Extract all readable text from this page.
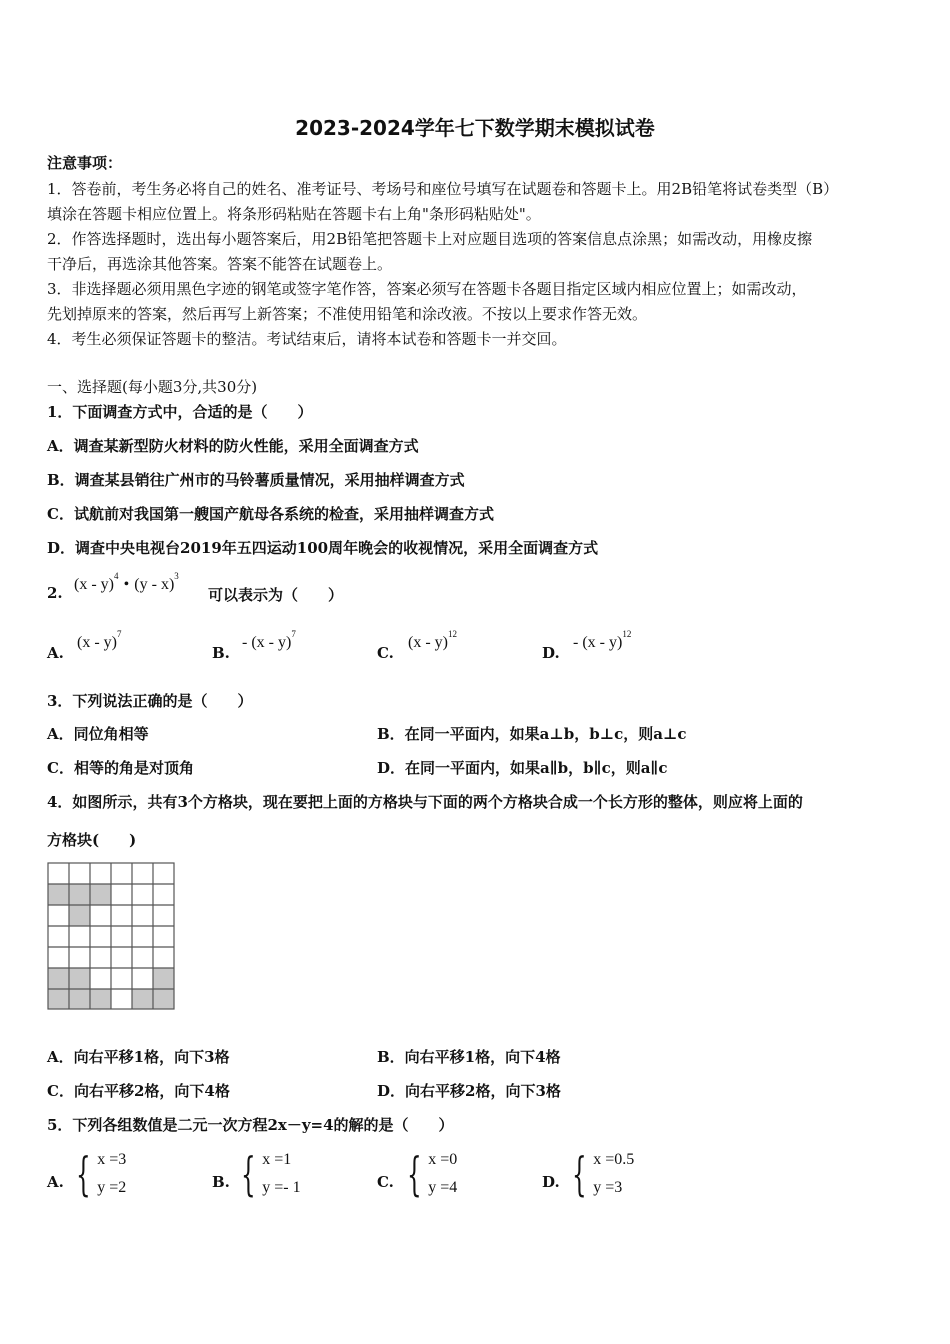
2023-2024学年七下数学期末模拟试卷
注意事项：
1．答卷前，考生务必将自己的姓名、准考证号、考场号和座位号填写在试题卷和答题卡上。用2B铅笔将试卷类型（B）
填涂在答题卡相应位置上。将条形码粘贴在答题卡右上角"条形码粘贴处"。
2．作答选择题时，选出每小题答案后，用2B铅笔把答题卡上对应题目选项的答案信息点涂黑；如需改动，用橡皮擦
干净后，再选涂其他答案。答案不能答在试题卷上。
3．非选择题必须用黑色字迹的钢笔或签字笔作答，答案必须写在答题卡各题目指定区域内相应位置上；如需改动，
先划掉原来的答案，然后再写上新答案；不准使用铅笔和涂改液。不按以上要求作答无效。
4．考生必须保证答题卡的整洁。考试结束后，请将本试卷和答题卡一并交回。
一、选择题(每小题3分,共30分)
1．下面调查方式中，合适的是（　　）
A．调查某新型防火材料的防火性能，采用全面调查方式
B．调查某县销往广州市的马铃薯质量情况，采用抽样调查方式
C．试航前对我国第一艘国产航母各系统的检查，采用抽样调查方式
D．调查中央电视台2019年五四运动100周年晚会的收视情况，采用全面调查方式
2. (x - y)$^4$ • (y - x)$^3$
可以表示为（　　）
A.
(x - y)$^7$
B.
- (x - y)$^7$
C.
(x - y)$^{12}$
D.
- (x - y)$^{12}$
3．下列说法正确的是（　　）
A．同位角相等	B．在同一平面内，如果a⊥b，b⊥c，则a⊥c
C．相等的角是对顶角	D．在同一平面内，如果a∥b，b∥c，则a∥c
4．如图所示，共有3个方格块，现在要把上面的方格块与下面的两个方格块合成一个长方形的整体，则应将上面的
方格块(　　)
A．向右平移1格，向下3格	B．向右平移1格，向下4格
C．向右平移2格，向下4格	D．向右平移2格，向下3格
5．下列各组数值是二元一次方程2x－y=4的解的是（　　）
A. { x =3
y =2	B. { x =1
y =- 1	C. { x =0
y =4	D. { x =0.5
y =3
